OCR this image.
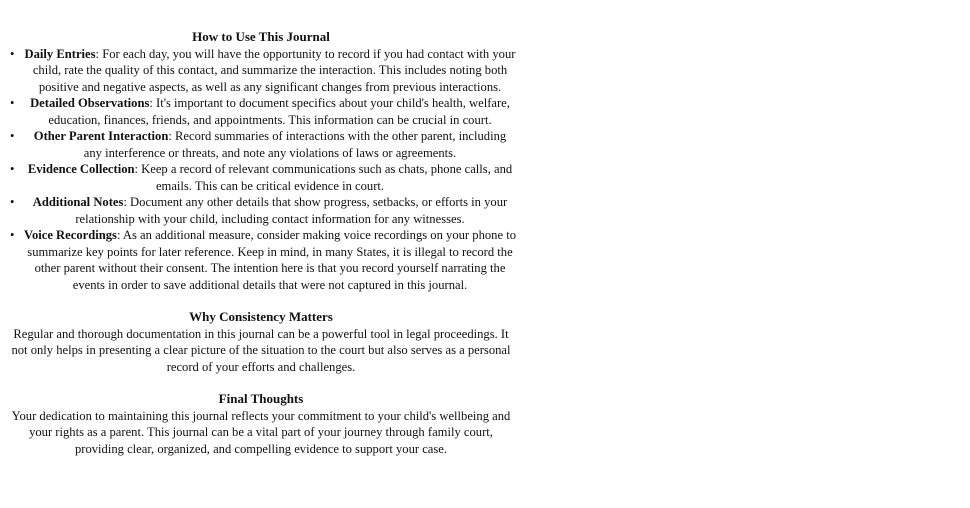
How to Use This Journal
• Daily Entries: For each day, you will have the opportunity to record if you had contact with your child, rate the quality of this contact, and summarize the interaction. This includes noting both positive and negative aspects, as well as any significant changes from previous interactions.
• Detailed Observations: It's important to document specifics about your child's health, welfare, education, finances, friends, and appointments. This information can be crucial in court.
• Other Parent Interaction: Record summaries of interactions with the other parent, including any interference or threats, and note any violations of laws or agreements.
• Evidence Collection: Keep a record of relevant communications such as chats, phone calls, and emails. This can be critical evidence in court.
• Additional Notes: Document any other details that show progress, setbacks, or efforts in your relationship with your child, including contact information for any witnesses.
• Voice Recordings: As an additional measure, consider making voice recordings on your phone to summarize key points for later reference. Keep in mind, in many States, it is illegal to record the other parent without their consent. The intention here is that you record yourself narrating the events in order to save additional details that were not captured in this journal.
Why Consistency Matters

Regular and thorough documentation in this journal can be a powerful tool in legal proceedings. It not only helps in presenting a clear picture of the situation to the court but also serves as a personal record of your efforts and challenges.

Final Thoughts

Your dedication to maintaining this journal reflects your commitment to your child's wellbeing and your rights as a parent. This journal can be a vital part of your journey through family court, providing clear, organized, and compelling evidence to support your case.
